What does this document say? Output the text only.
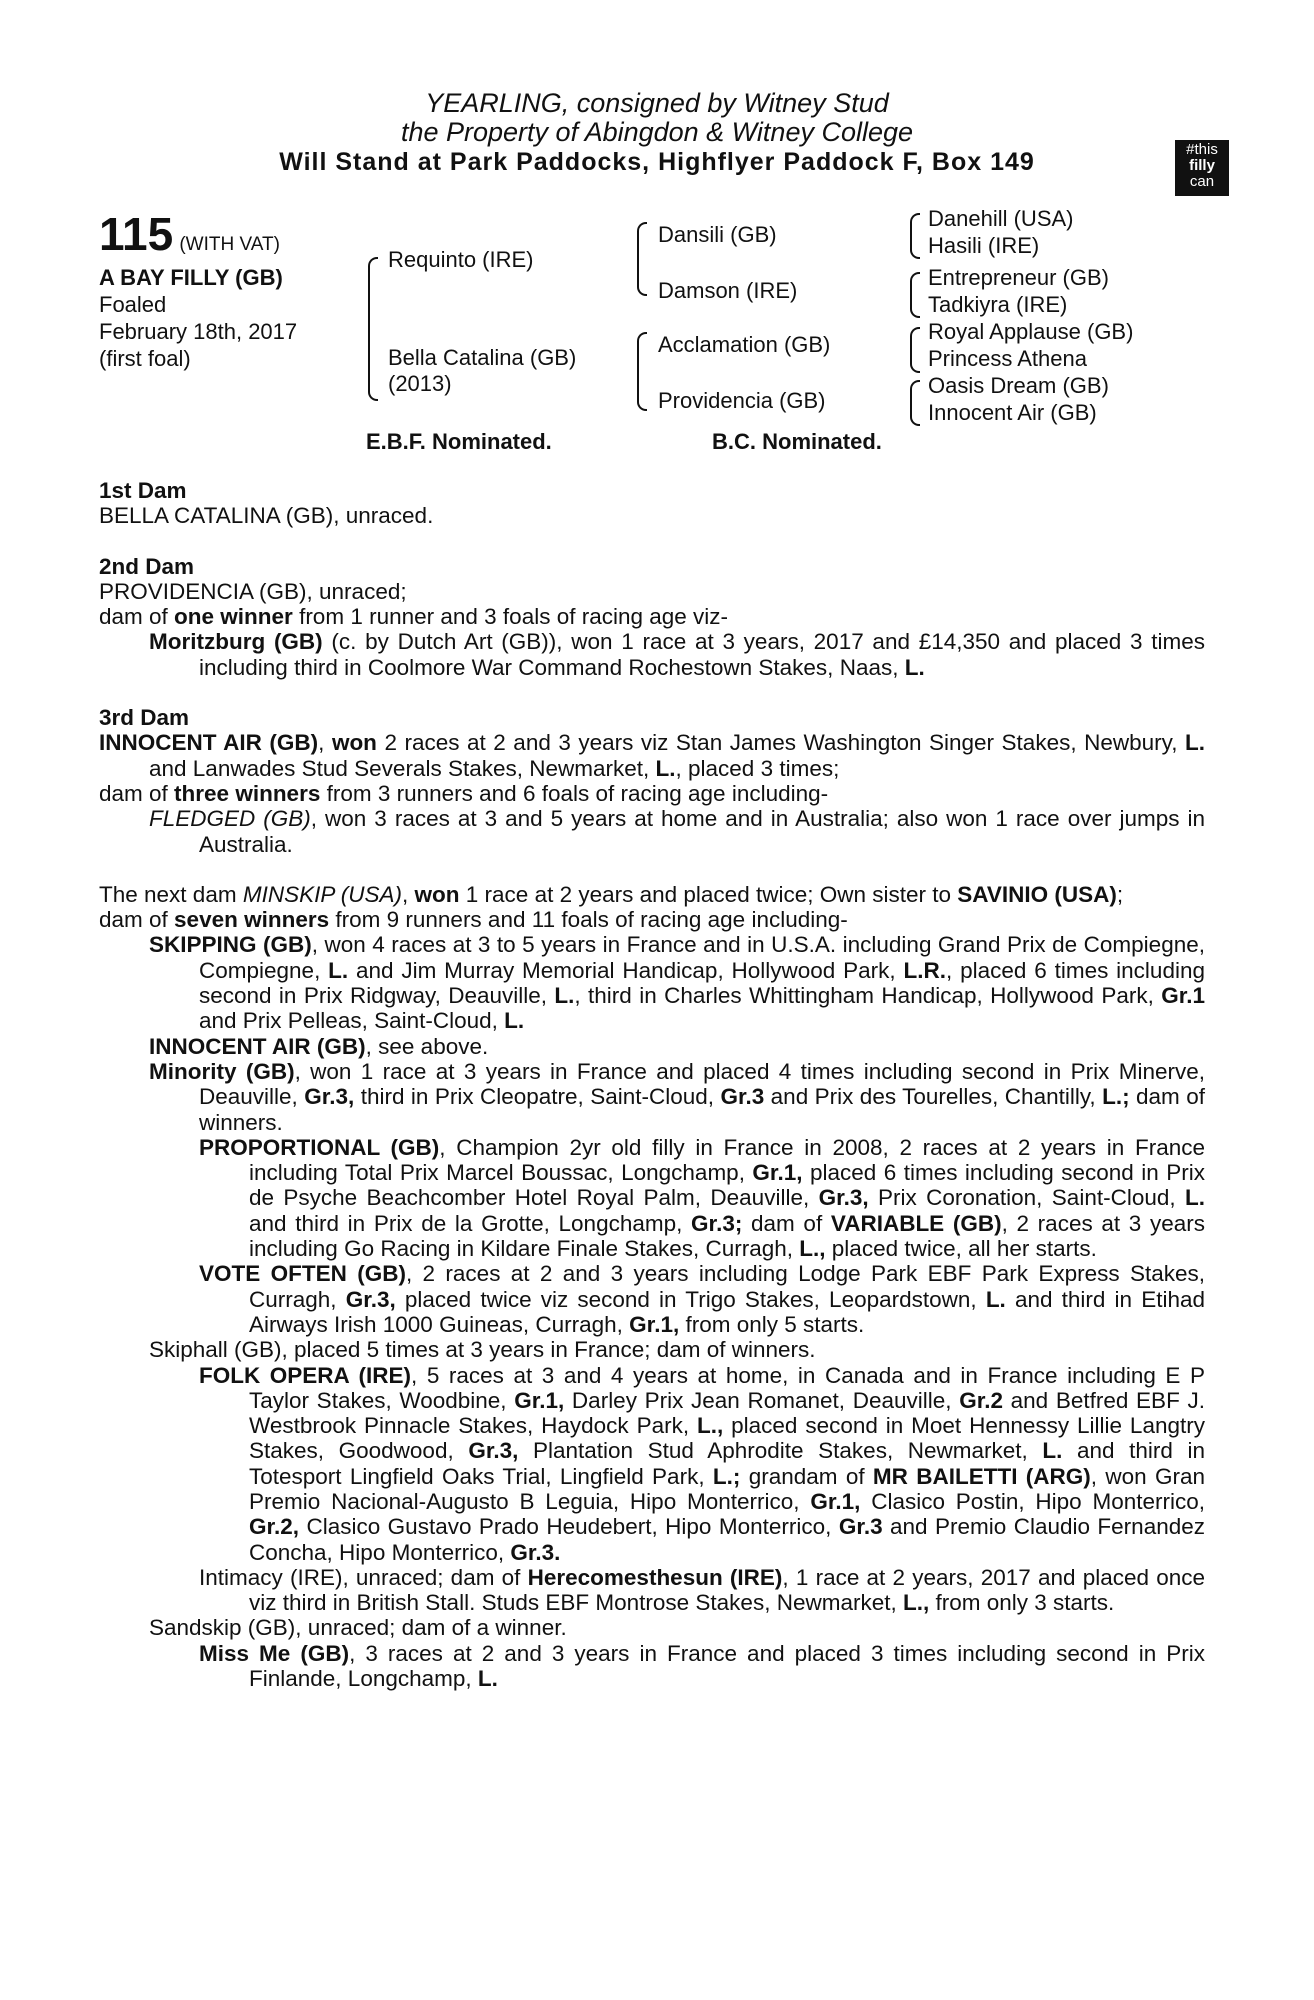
YEARLING, consigned by Witney Stud
the Property of Abingdon & Witney College
Will Stand at Park Paddocks, Highflyer Paddock F, Box 149	#this
filly
can
115 (WITH VAT)
A BAY FILLY (GB)
Foaled
February 18th, 2017
(first foal)
Requinto (IRE)
Bella Catalina (GB)
(2013)
Dansili (GB)
Damson (IRE)
Acclamation (GB)
Providencia (GB)
Danehill (USA)
Hasili (IRE)
Entrepreneur (GB)
Tadkiyra (IRE)
Royal Applause (GB)
Princess Athena
Oasis Dream (GB)
Innocent Air (GB)
E.B.F. Nominated.	B.C. Nominated.

1st Dam

BELLA CATALINA (GB), unraced.

2nd Dam

PROVIDENCIA (GB), unraced;

dam of one winner from 1 runner and 3 foals of racing age viz-

Moritzburg (GB) (c. by Dutch Art (GB)), won 1 race at 3 years, 2017 and £14,350 and placed 3 times including third in Coolmore War Command Rochestown Stakes, Naas, L.

3rd Dam

INNOCENT AIR (GB), won 2 races at 2 and 3 years viz Stan James Washington Singer Stakes, Newbury, L. and Lanwades Stud Severals Stakes, Newmarket, L., placed 3 times;

dam of three winners from 3 runners and 6 foals of racing age including-

FLEDGED (GB), won 3 races at 3 and 5 years at home and in Australia; also won 1 race over jumps in Australia.

The next dam MINSKIP (USA), won 1 race at 2 years and placed twice; Own sister to SAVINIO (USA);

dam of seven winners from 9 runners and 11 foals of racing age including-

SKIPPING (GB), won 4 races at 3 to 5 years in France and in U.S.A. including Grand Prix de Compiegne, Compiegne, L. and Jim Murray Memorial Handicap, Hollywood Park, L.R., placed 6 times including second in Prix Ridgway, Deauville, L., third in Charles Whittingham Handicap, Hollywood Park, Gr.1 and Prix Pelleas, Saint-Cloud, L.

INNOCENT AIR (GB), see above.

Minority (GB), won 1 race at 3 years in France and placed 4 times including second in Prix Minerve, Deauville, Gr.3, third in Prix Cleopatre, Saint-Cloud, Gr.3 and Prix des Tourelles, Chantilly, L.; dam of winners.

PROPORTIONAL (GB), Champion 2yr old filly in France in 2008, 2 races at 2 years in France including Total Prix Marcel Boussac, Longchamp, Gr.1, placed 6 times including second in Prix de Psyche Beachcomber Hotel Royal Palm, Deauville, Gr.3, Prix Coronation, Saint-Cloud, L. and third in Prix de la Grotte, Longchamp, Gr.3; dam of VARIABLE (GB), 2 races at 3 years including Go Racing in Kildare Finale Stakes, Curragh, L., placed twice, all her starts.

VOTE OFTEN (GB), 2 races at 2 and 3 years including Lodge Park EBF Park Express Stakes, Curragh, Gr.3, placed twice viz second in Trigo Stakes, Leopardstown, L. and third in Etihad Airways Irish 1000 Guineas, Curragh, Gr.1, from only 5 starts.

Skiphall (GB), placed 5 times at 3 years in France; dam of winners.

FOLK OPERA (IRE), 5 races at 3 and 4 years at home, in Canada and in France including E P Taylor Stakes, Woodbine, Gr.1, Darley Prix Jean Romanet, Deauville, Gr.2 and Betfred EBF J. Westbrook Pinnacle Stakes, Haydock Park, L., placed second in Moet Hennessy Lillie Langtry Stakes, Goodwood, Gr.3, Plantation Stud Aphrodite Stakes, Newmarket, L. and third in Totesport Lingfield Oaks Trial, Lingfield Park, L.; grandam of MR BAILETTI (ARG), won Gran Premio Nacional-Augusto B Leguia, Hipo Monterrico, Gr.1, Clasico Postin, Hipo Monterrico, Gr.2, Clasico Gustavo Prado Heudebert, Hipo Monterrico, Gr.3 and Premio Claudio Fernandez Concha, Hipo Monterrico, Gr.3.

Intimacy (IRE), unraced; dam of Herecomesthesun (IRE), 1 race at 2 years, 2017 and placed once viz third in British Stall. Studs EBF Montrose Stakes, Newmarket, L., from only 3 starts.

Sandskip (GB), unraced; dam of a winner.

Miss Me (GB), 3 races at 2 and 3 years in France and placed 3 times including second in Prix Finlande, Longchamp, L.
